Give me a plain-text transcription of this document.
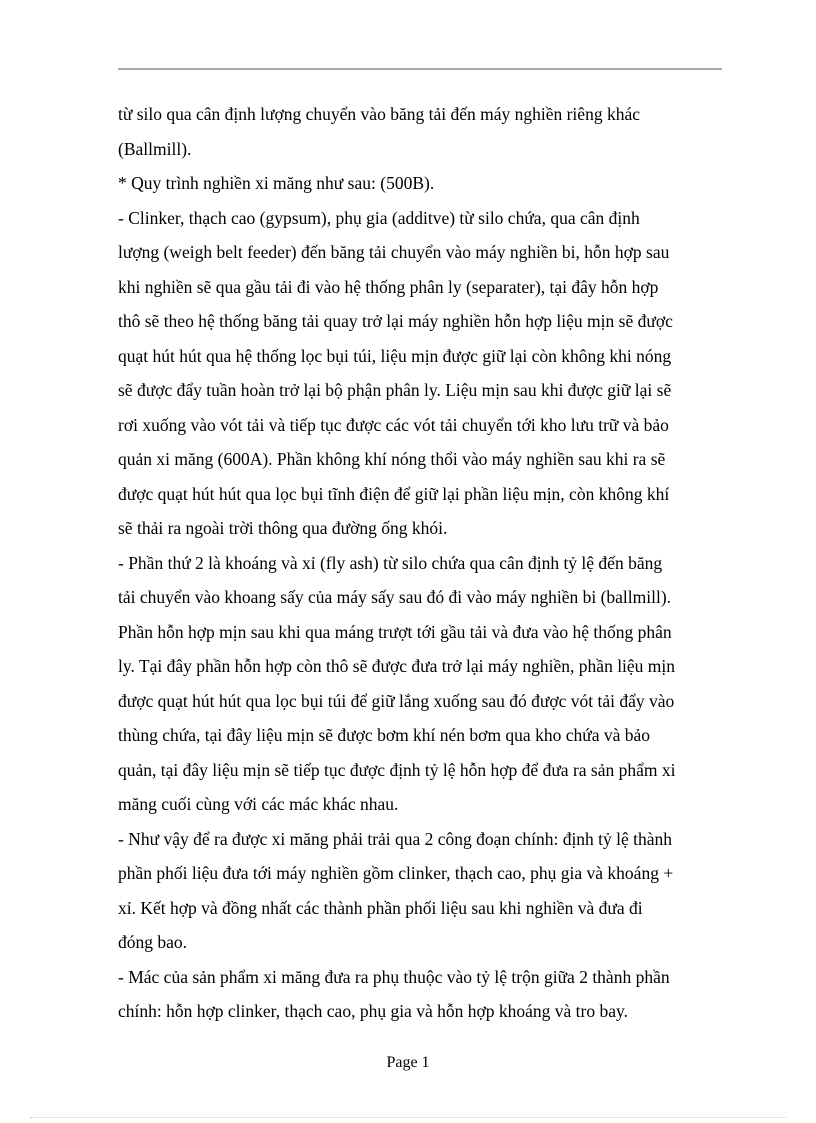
từ silo qua cân định lượng chuyển vào băng tải đến máy nghiền riêng khác
(Ballmill).
* Quy trình nghiền xi măng như sau: (500B).
- Clinker, thạch cao (gypsum), phụ gia (additve) từ silo chứa, qua cân định
lượng (weigh belt feeder) đến băng tải chuyển vào máy nghiền bi, hỗn hợp sau
khi nghiền sẽ qua gầu tải đi vào hệ thống phân ly (separater), tại đây hỗn hợp
thô sẽ theo hệ thống băng tải quay trở lại máy nghiền hỗn hợp liệu mịn sẽ được
quạt hút hút qua hệ thống lọc bụi túi, liệu mịn được giữ lại còn không khi nóng
sẽ được đẩy tuần hoàn trở lại bộ phận phân ly. Liệu mịn sau khi được giữ lại sẽ
rơi xuống vào vót tải và tiếp tục được các vót tải chuyển tới kho lưu trữ và bảo
quản xi măng (600A). Phần không khí nóng thổi vào máy nghiền sau khi ra sẽ
được quạt hút hút qua lọc bụi tĩnh điện để giữ lại phần liệu mịn, còn không khí
sẽ thải ra ngoài trời thông qua đường ống khói.
- Phần thứ 2 là khoáng và xỉ (fly ash) từ silo chứa qua cân định tỷ lệ đến băng
tải chuyển vào khoang sấy của máy sấy sau đó đi vào máy nghiền bi (ballmill).
Phần hỗn hợp mịn sau khi qua máng trượt tới gầu tải và đưa vào hệ thống phân
ly. Tại đây phần hỗn hợp còn thô sẽ được đưa trở lại máy nghiền, phần liệu mịn
được quạt hút hút qua lọc bụi túi để giữ lắng xuống sau đó được vót tải đẩy vào
thùng chứa, tại đây liệu mịn sẽ được bơm khí nén bơm qua kho chứa và bảo
quản, tại đây liệu mịn sẽ tiếp tục được định tỷ lệ hỗn hợp để đưa ra sản phẩm xi
măng cuối cùng với các mác khác nhau.
- Như vậy để ra được xi măng phải trải qua 2 công đoạn chính: định tỷ lệ thành
phần phối liệu đưa tới máy nghiền gồm clinker, thạch cao, phụ gia và khoáng +
xỉ. Kết hợp và đồng nhất các thành phần phối liệu sau khi nghiền và đưa đi
đóng bao.
- Mác của sản phẩm xi măng đưa ra phụ thuộc vào tỷ lệ trộn giữa 2 thành phần
chính: hỗn hợp clinker, thạch cao, phụ gia và hỗn hợp khoáng và tro bay.
Page 1
